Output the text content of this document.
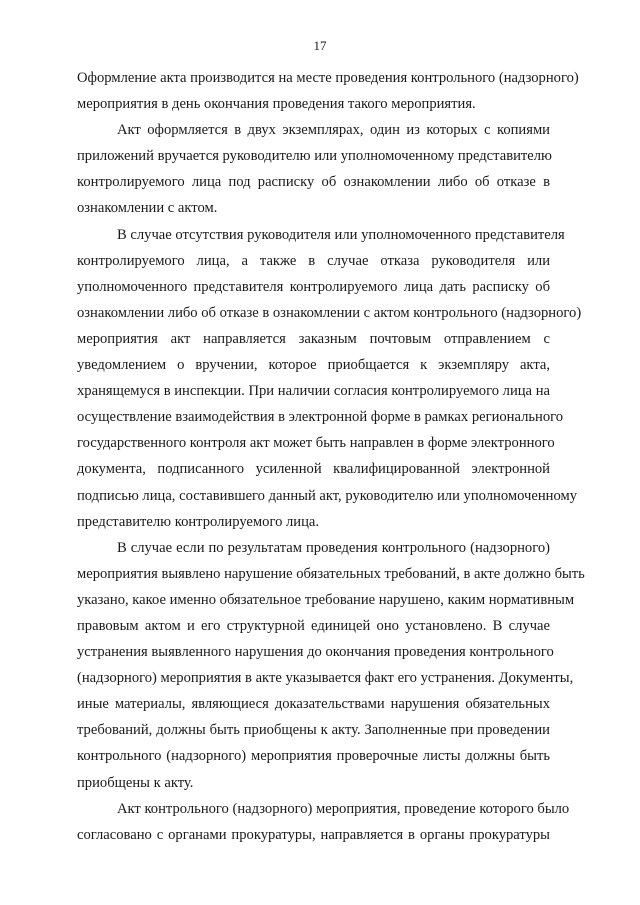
17
Оформление акта производится на месте проведения контрольного (надзорного)
мероприятия в день окончания проведения такого мероприятия.
Акт оформляется в двух экземплярах, один из которых с копиями
приложений вручается руководителю или уполномоченному представителю
контролируемого лица под расписку об ознакомлении либо об отказе в
ознакомлении с актом.
В случае отсутствия руководителя или уполномоченного представителя
контролируемого лица, а также в случае отказа руководителя или
уполномоченного представителя контролируемого лица дать расписку об
ознакомлении либо об отказе в ознакомлении с актом контрольного (надзорного)
мероприятия акт направляется заказным почтовым отправлением с
уведомлением о вручении, которое приобщается к экземпляру акта,
хранящемуся в инспекции. При наличии согласия контролируемого лица на
осуществление взаимодействия в электронной форме в рамках регионального
государственного контроля акт может быть направлен в форме электронного
документа, подписанного усиленной квалифицированной электронной
подписью лица, составившего данный акт, руководителю или уполномоченному
представителю контролируемого лица.
В случае если по результатам проведения контрольного (надзорного)
мероприятия выявлено нарушение обязательных требований, в акте должно быть
указано, какое именно обязательное требование нарушено, каким нормативным
правовым актом и его структурной единицей оно установлено. В случае
устранения выявленного нарушения до окончания проведения контрольного
(надзорного) мероприятия в акте указывается факт его устранения. Документы,
иные материалы, являющиеся доказательствами нарушения обязательных
требований, должны быть приобщены к акту. Заполненные при проведении
контрольного (надзорного) мероприятия проверочные листы должны быть
приобщены к акту.
Акт контрольного (надзорного) мероприятия, проведение которого было
согласовано с органами прокуратуры, направляется в органы прокуратуры
